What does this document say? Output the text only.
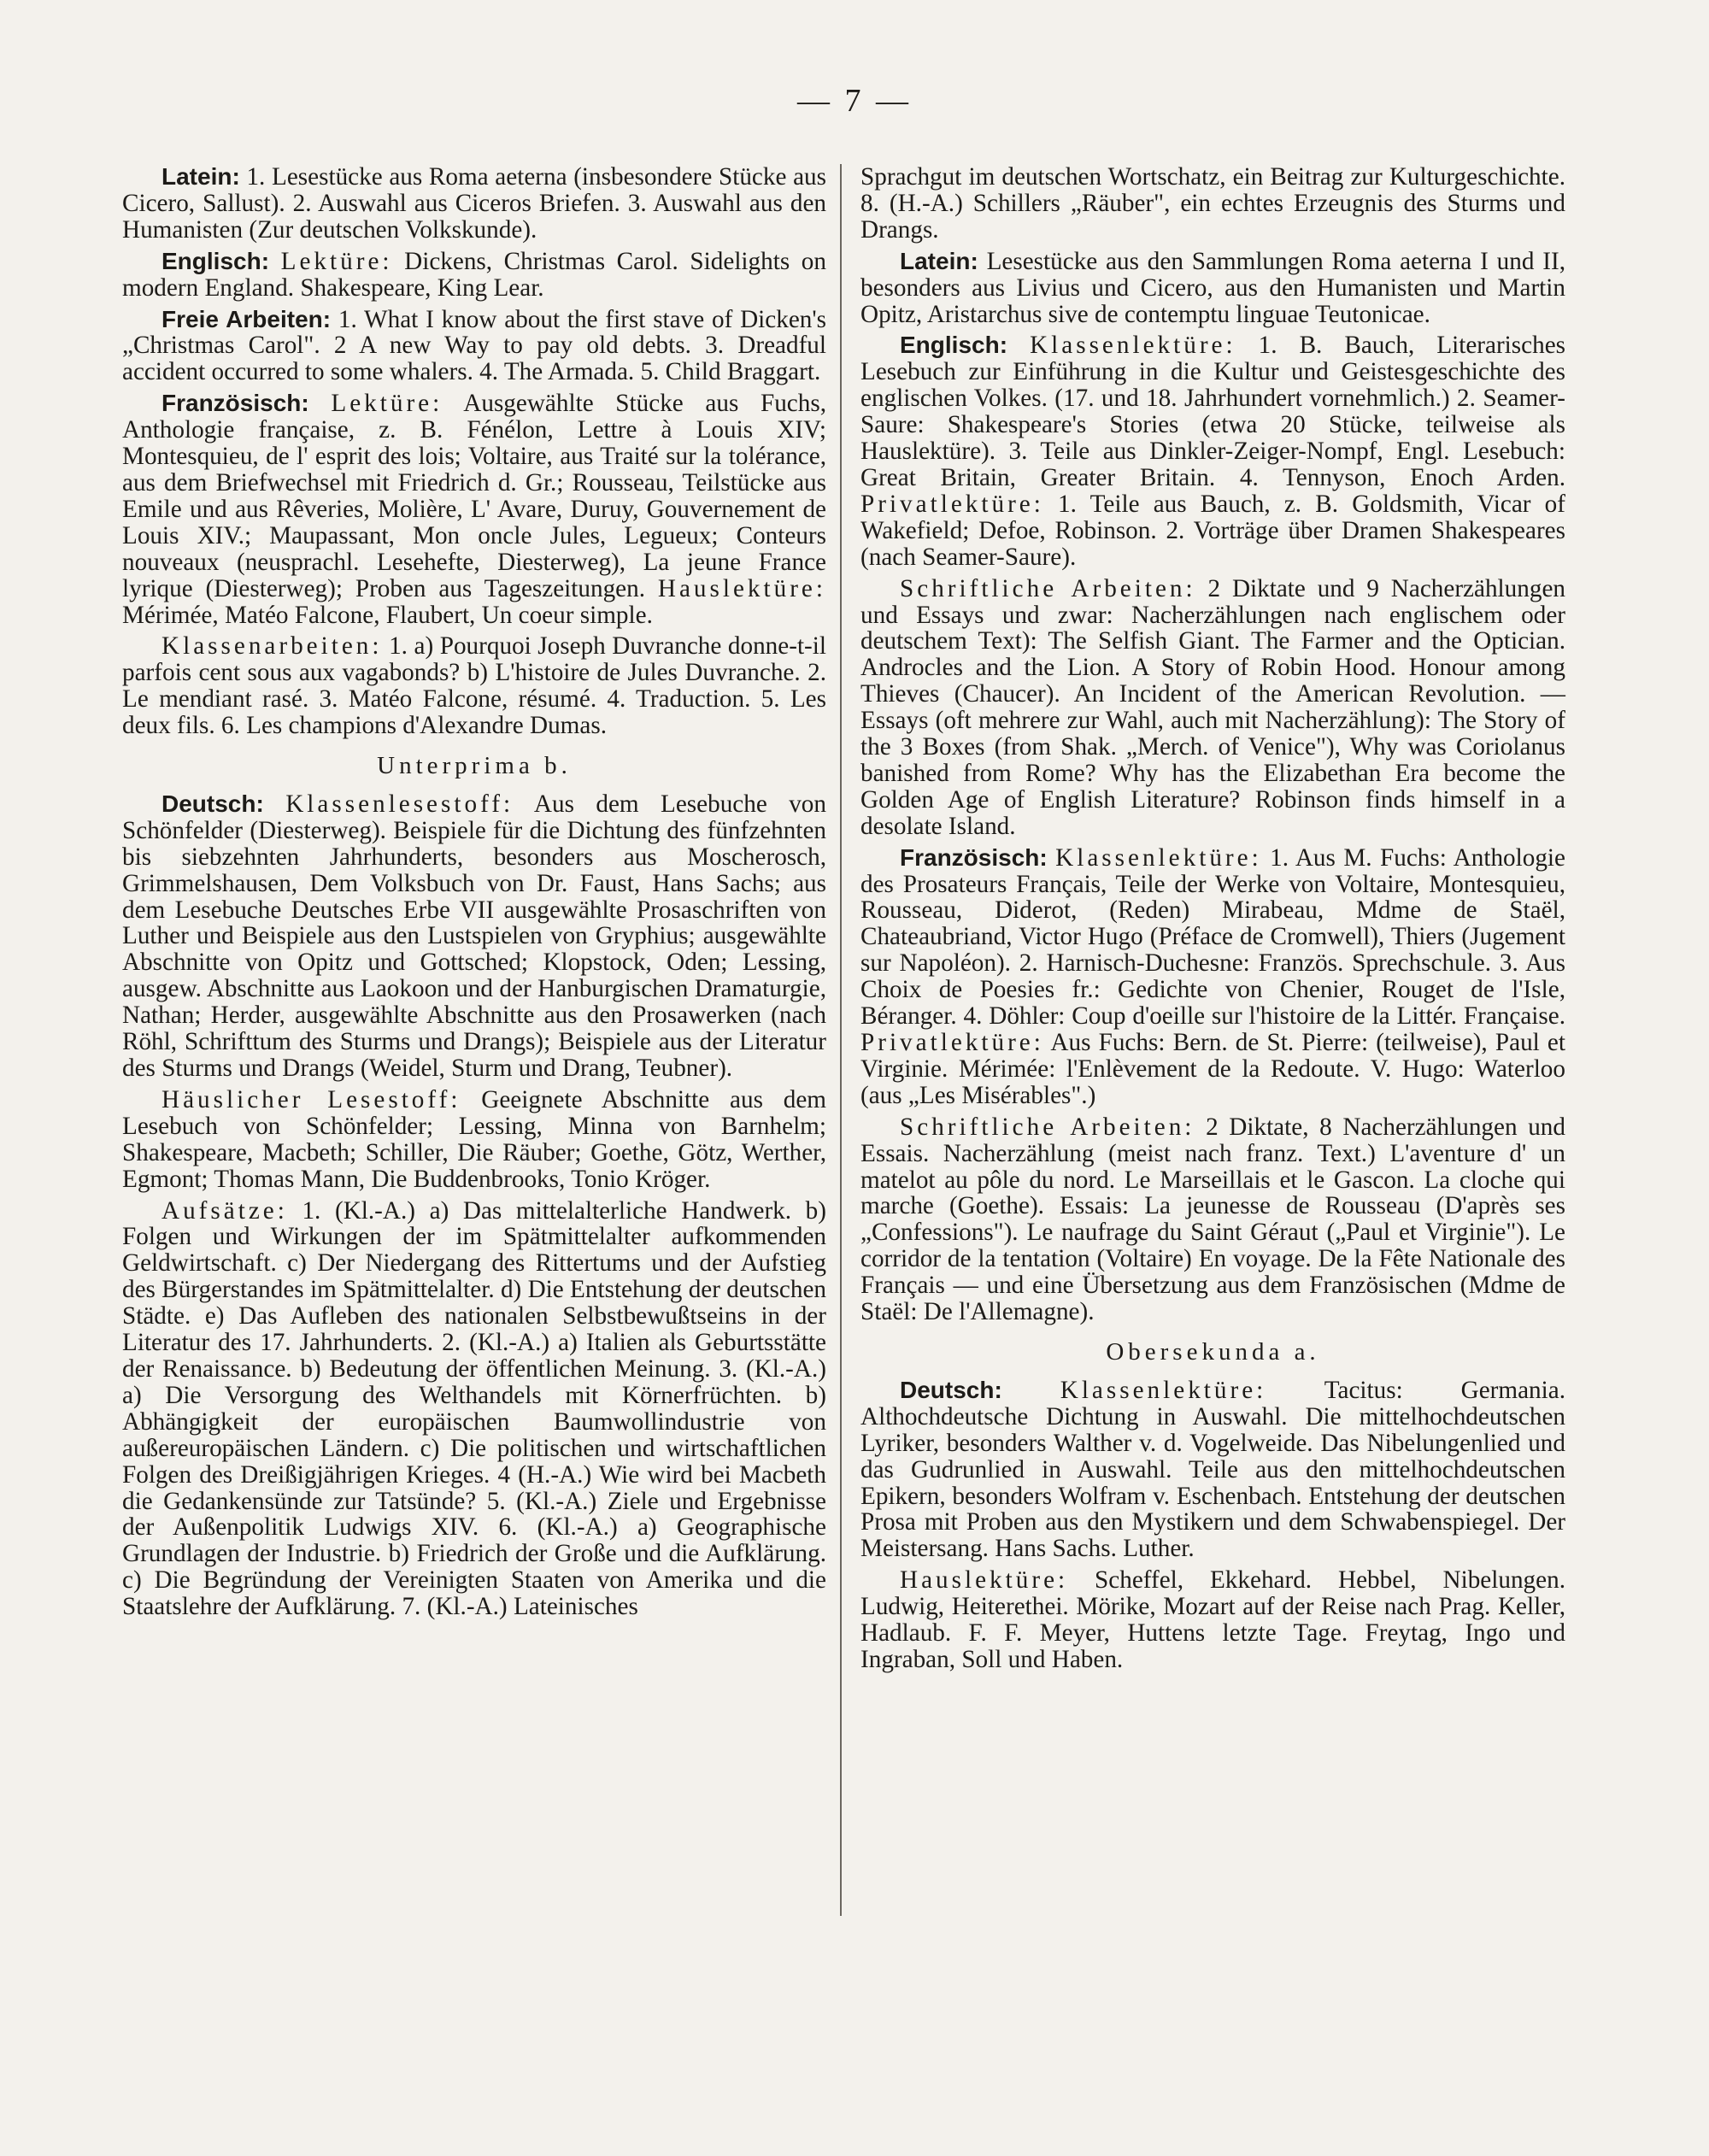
— 7 —

Latein: 1. Lesestücke aus Roma aeterna (insbesondere Stücke aus Cicero, Sallust). 2. Auswahl aus Ciceros Briefen. 3. Auswahl aus den Humanisten (Zur deutschen Volkskunde).

Englisch: Lektüre: Dickens, Christmas Carol. Sidelights on modern England. Shakespeare, King Lear.

Freie Arbeiten: 1. What I know about the first stave of Dicken's „Christmas Carol". 2 A new Way to pay old debts. 3. Dreadful accident occurred to some whalers. 4. The Armada. 5. Child Braggart.

Französisch: Lektüre: Ausgewählte Stücke aus Fuchs, Anthologie française, z. B. Fénélon, Lettre à Louis XIV; Montesquieu, de l' esprit des lois; Voltaire, aus Traité sur la tolérance, aus dem Briefwechsel mit Friedrich d. Gr.; Rousseau, Teilstücke aus Emile und aus Rêveries, Molière, L' Avare, Duruy, Gouvernement de Louis XIV.; Maupassant, Mon oncle Jules, Legueux; Conteurs nouveaux (neusprachl. Lesehefte, Diesterweg), La jeune France lyrique (Diesterweg); Proben aus Tageszeitungen. Hauslektüre: Mérimée, Matéo Falcone, Flaubert, Un coeur simple.

Klassenarbeiten: 1. a) Pourquoi Joseph Duvranche donne-t-il parfois cent sous aux vagabonds? b) L'histoire de Jules Duvranche. 2. Le mendiant rasé. 3. Matéo Falcone, résumé. 4. Traduction. 5. Les deux fils. 6. Les champions d'Alexandre Dumas.

Unterprima b.

Deutsch: Klassenlesestoff: Aus dem Lesebuche von Schönfelder (Diesterweg). Beispiele für die Dichtung des fünfzehnten bis siebzehnten Jahrhunderts, besonders aus Moscherosch, Grimmelshausen, Dem Volksbuch von Dr. Faust, Hans Sachs; aus dem Lesebuche Deutsches Erbe VII ausgewählte Prosaschriften von Luther und Beispiele aus den Lustspielen von Gryphius; ausgewählte Abschnitte von Opitz und Gottsched; Klopstock, Oden; Lessing, ausgew. Abschnitte aus Laokoon und der Hanburgischen Dramaturgie, Nathan; Herder, ausgewählte Abschnitte aus den Prosawerken (nach Röhl, Schrifttum des Sturms und Drangs); Beispiele aus der Literatur des Sturms und Drangs (Weidel, Sturm und Drang, Teubner).

Häuslicher Lesestoff: Geeignete Abschnitte aus dem Lesebuch von Schönfelder; Lessing, Minna von Barnhelm; Shakespeare, Macbeth; Schiller, Die Räuber; Goethe, Götz, Werther, Egmont; Thomas Mann, Die Buddenbrooks, Tonio Kröger.

Aufsätze: 1. (Kl.-A.) a) Das mittelalterliche Handwerk. b) Folgen und Wirkungen der im Spätmittelalter aufkommenden Geldwirtschaft. c) Der Niedergang des Rittertums und der Aufstieg des Bürgerstandes im Spätmittelalter. d) Die Entstehung der deutschen Städte. e) Das Aufleben des nationalen Selbstbewußtseins in der Literatur des 17. Jahrhunderts. 2. (Kl.-A.) a) Italien als Geburtsstätte der Renaissance. b) Bedeutung der öffentlichen Meinung. 3. (Kl.-A.) a) Die Versorgung des Welthandels mit Körnerfrüchten. b) Abhängigkeit der europäischen Baumwollindustrie von außereuropäischen Ländern. c) Die politischen und wirtschaftlichen Folgen des Dreißigjährigen Krieges. 4 (H.-A.) Wie wird bei Macbeth die Gedankensünde zur Tatsünde? 5. (Kl.-A.) Ziele und Ergebnisse der Außenpolitik Ludwigs XIV. 6. (Kl.-A.) a) Geographische Grundlagen der Industrie. b) Friedrich der Große und die Aufklärung. c) Die Begründung der Vereinigten Staaten von Amerika und die Staatslehre der Aufklärung. 7. (Kl.-A.) Lateinisches

Sprachgut im deutschen Wortschatz, ein Beitrag zur Kulturgeschichte. 8. (H.-A.) Schillers „Räuber", ein echtes Erzeugnis des Sturms und Drangs.

Latein: Lesestücke aus den Sammlungen Roma aeterna I und II, besonders aus Livius und Cicero, aus den Humanisten und Martin Opitz, Aristarchus sive de contemptu linguae Teutonicae.

Englisch: Klassenlektüre: 1. B. Bauch, Literarisches Lesebuch zur Einführung in die Kultur und Geistesgeschichte des englischen Volkes. (17. und 18. Jahrhundert vornehmlich.) 2. Seamer-Saure: Shakespeare's Stories (etwa 20 Stücke, teilweise als Hauslektüre). 3. Teile aus Dinkler-Zeiger-Nompf, Engl. Lesebuch: Great Britain, Greater Britain. 4. Tennyson, Enoch Arden. Privatlektüre: 1. Teile aus Bauch, z. B. Goldsmith, Vicar of Wakefield; Defoe, Robinson. 2. Vorträge über Dramen Shakespeares (nach Seamer-Saure).

Schriftliche Arbeiten: 2 Diktate und 9 Nacherzählungen und Essays und zwar: Nacherzählungen nach englischem oder deutschem Text): The Selfish Giant. The Farmer and the Optician. Androcles and the Lion. A Story of Robin Hood. Honour among Thieves (Chaucer). An Incident of the American Revolution. — Essays (oft mehrere zur Wahl, auch mit Nacherzählung): The Story of the 3 Boxes (from Shak. „Merch. of Venice"), Why was Coriolanus banished from Rome? Why has the Elizabethan Era become the Golden Age of English Literature? Robinson finds himself in a desolate Island.

Französisch: Klassenlektüre: 1. Aus M. Fuchs: Anthologie des Prosateurs Français, Teile der Werke von Voltaire, Montesquieu, Rousseau, Diderot, (Reden) Mirabeau, Mdme de Staël, Chateaubriand, Victor Hugo (Préface de Cromwell), Thiers (Jugement sur Napoléon). 2. Harnisch-Duchesne: Französ. Sprechschule. 3. Aus Choix de Poesies fr.: Gedichte von Chenier, Rouget de l'Isle, Béranger. 4. Döhler: Coup d'oeille sur l'histoire de la Littér. Française. Privatlektüre: Aus Fuchs: Bern. de St. Pierre: (teilweise), Paul et Virginie. Mérimée: l'Enlèvement de la Redoute. V. Hugo: Waterloo (aus „Les Misérables".)

Schriftliche Arbeiten: 2 Diktate, 8 Nacherzählungen und Essais. Nacherzählung (meist nach franz. Text.) L'aventure d' un matelot au pôle du nord. Le Marseillais et le Gascon. La cloche qui marche (Goethe). Essais: La jeunesse de Rousseau (D'après ses „Confessions"). Le naufrage du Saint Géraut („Paul et Virginie"). Le corridor de la tentation (Voltaire) En voyage. De la Fête Nationale des Français — und eine Übersetzung aus dem Französischen (Mdme de Staël: De l'Allemagne).

Obersekunda a.

Deutsch: Klassenlektüre: Tacitus: Germania. Althochdeutsche Dichtung in Auswahl. Die mittelhochdeutschen Lyriker, besonders Walther v. d. Vogelweide. Das Nibelungenlied und das Gudrunlied in Auswahl. Teile aus den mittelhochdeutschen Epikern, besonders Wolfram v. Eschenbach. Entstehung der deutschen Prosa mit Proben aus den Mystikern und dem Schwabenspiegel. Der Meistersang. Hans Sachs. Luther.

Hauslektüre: Scheffel, Ekkehard. Hebbel, Nibelungen. Ludwig, Heiterethei. Mörike, Mozart auf der Reise nach Prag. Keller, Hadlaub. F. F. Meyer, Huttens letzte Tage. Freytag, Ingo und Ingraban, Soll und Haben.
